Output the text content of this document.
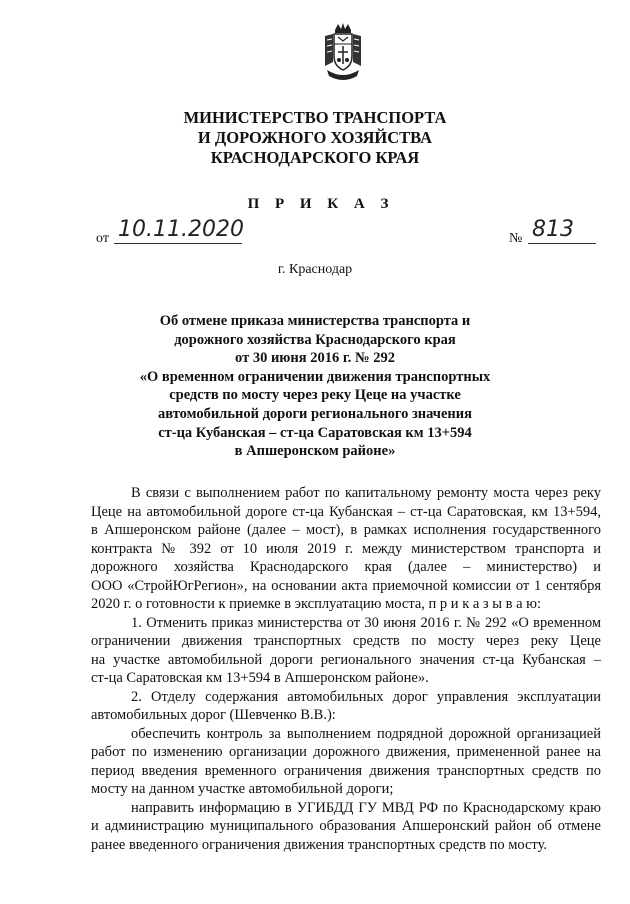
МИНИСТЕРСТВО ТРАНСПОРТА
И ДОРОЖНОГО ХОЗЯЙСТВА
КРАСНОДАРСКОГО КРАЯ
П Р И К А З
от 10.11.2020	№ 813
г. Краснодар
Об отмене приказа министерства транспорта и
дорожного хозяйства Краснодарского края
от 30 июня 2016 г. № 292
«О временном ограничении движения транспортных
средств по мосту через реку Цеце на участке
автомобильной дороги регионального значения
ст-ца Кубанская – ст-ца Саратовская км 13+594
в Апшеронском районе»
В связи с выполнением работ по капитальному ремонту моста через реку
Цеце на автомобильной дороге ст-ца Кубанская – ст-ца Саратовская, км 13+594,
в Апшеронском районе (далее – мост), в рамках исполнения государственного
контракта № 392 от 10 июля 2019 г. между министерством транспорта и
дорожного хозяйства Краснодарского края (далее – министерство) и
ООО «СтройЮгРегион», на основании акта приемочной комиссии от 1 сентября
2020 г. о готовности к приемке в эксплуатацию моста, п р и к а з ы в а ю:
1. Отменить приказ министерства от 30 июня 2016 г. № 292 «О временном
ограничении движения транспортных средств по мосту через реку Цеце
на участке автомобильной дороги регионального значения ст-ца Кубанская –
ст-ца Саратовская км 13+594 в Апшеронском районе».
2. Отделу содержания автомобильных дорог управления эксплуатации
автомобильных дорог (Шевченко В.В.):
обеспечить контроль за выполнением подрядной дорожной организацией
работ по изменению организации дорожного движения, примененной ранее на
период введения временного ограничения движения транспортных средств по
мосту на данном участке автомобильной дороги;
направить информацию в УГИБДД ГУ МВД РФ по Краснодарскому краю
и администрацию муниципального образования Апшеронский район об отмене
ранее введенного ограничения движения транспортных средств по мосту.
